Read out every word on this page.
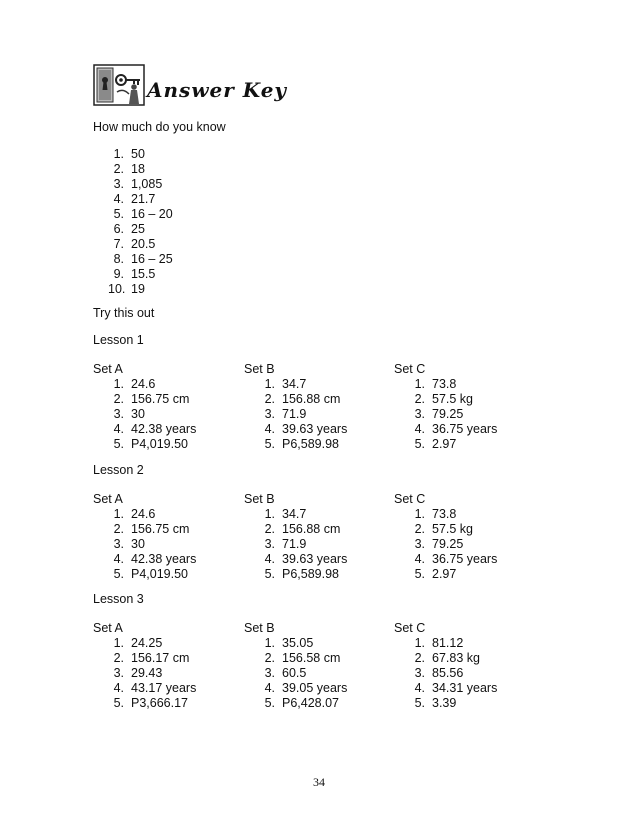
Answer Key
How much do you know
1. 50
2. 18
3. 1,085
4. 21.7
5. 16 – 20
6. 25
7. 20.5
8. 16 – 25
9. 15.5
10. 19
Try this out
Lesson 1
Set A
1. 24.6
2. 156.75 cm
3. 30
4. 42.38 years
5. P4,019.50
Set B
1. 34.7
2. 156.88 cm
3. 71.9
4. 39.63 years
5. P6,589.98
Set C
1. 73.8
2. 57.5 kg
3. 79.25
4. 36.75 years
5. 2.97
Lesson 2
Set A
1. 24.6
2. 156.75 cm
3. 30
4. 42.38 years
5. P4,019.50
Set B
1. 34.7
2. 156.88 cm
3. 71.9
4. 39.63 years
5. P6,589.98
Set C
1. 73.8
2. 57.5 kg
3. 79.25
4. 36.75 years
5. 2.97
Lesson 3
Set A
1. 24.25
2. 156.17 cm
3. 29.43
4. 43.17 years
5. P3,666.17
Set B
1. 35.05
2. 156.58 cm
3. 60.5
4. 39.05 years
5. P6,428.07
Set C
1. 81.12
2. 67.83 kg
3. 85.56
4. 34.31 years
5. 3.39
34
